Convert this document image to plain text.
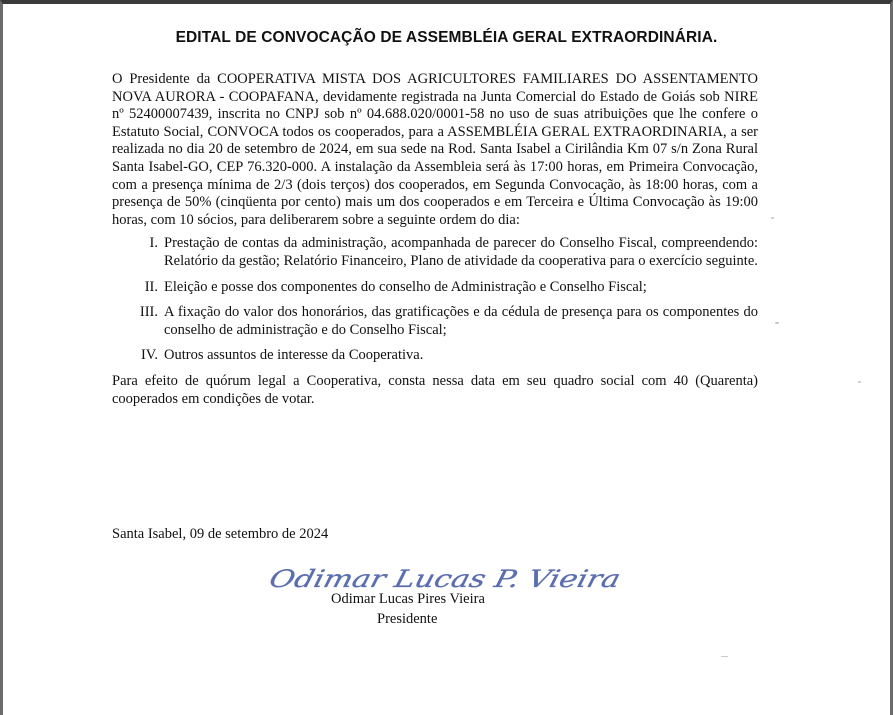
EDITAL DE CONVOCAÇÃO DE ASSEMBLÉIA GERAL EXTRAORDINÁRIA.

O Presidente da COOPERATIVA MISTA DOS AGRICULTORES FAMILIARES DO ASSENTAMENTO NOVA AURORA - COOPAFANA, devidamente registrada na Junta Comercial do Estado de Goiás sob NIRE nº 52400007439, inscrita no CNPJ sob nº 04.688.020/0001-58 no uso de suas atribuições que lhe confere o Estatuto Social, CONVOCA todos os cooperados, para a ASSEMBLÉIA GERAL EXTRAORDINARIA, a ser realizada no dia 20 de setembro de 2024, em sua sede na Rod. Santa Isabel a Cirilândia Km 07 s/n Zona Rural Santa Isabel-GO, CEP 76.320-000. A instalação da Assembleia será às 17:00 horas, em Primeira Convocação, com a presença mínima de 2/3 (dois terços) dos cooperados, em Segunda Convocação, às 18:00 horas, com a presença de 50% (cinqüenta por cento) mais um dos cooperados e em Terceira e Última Convocação às 19:00 horas, com 10 sócios, para deliberarem sobre a seguinte ordem do dia:

I. Prestação de contas da administração, acompanhada de parecer do Conselho Fiscal, compreendendo: Relatório da gestão; Relatório Financeiro, Plano de atividade da cooperativa para o exercício seguinte.
II. Eleição e posse dos componentes do conselho de Administração e Conselho Fiscal;
III. A fixação do valor dos honorários, das gratificações e da cédula de presença para os componentes do conselho de administração e do Conselho Fiscal;
IV. Outros assuntos de interesse da Cooperativa.

Para efeito de quórum legal a Cooperativa, consta nessa data em seu quadro social com 40 (Quarenta) cooperados em condições de votar.

Santa Isabel, 09 de setembro de 2024
Odimar Lucas P. Vieira
Odimar Lucas Pires Vieira
Presidente
